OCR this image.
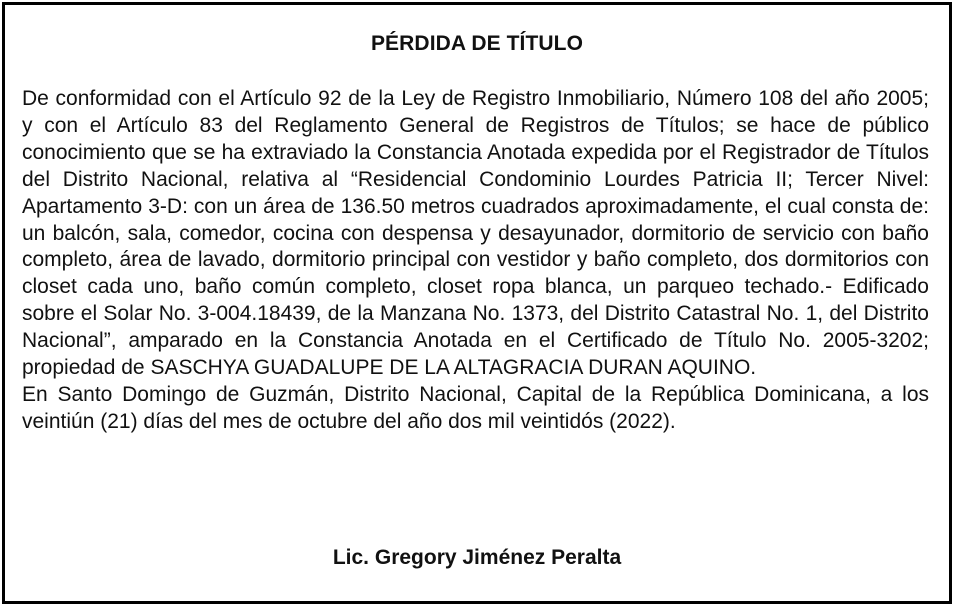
PÉRDIDA DE TÍTULO

De conformidad con el Artículo 92 de la Ley de Registro Inmobiliario, Número 108 del año 2005; y con el Artículo 83 del Reglamento General de Registros de Títulos; se hace de público conocimiento que se ha extraviado la Constancia Anotada expedida por el Registrador de Títulos del Distrito Nacional, relativa al “Residencial Condominio Lourdes Patricia II; Tercer Nivel: Apartamento 3-D: con un área de 136.50 metros cuadrados aproximadamente, el cual consta de: un balcón, sala, comedor, cocina con despensa y desayunador, dormitorio de servicio con baño completo, área de lavado, dormitorio principal con vestidor y baño completo, dos dormitorios con closet cada uno, baño común completo, closet ropa blanca, un parqueo techado.- Edificado sobre el Solar No. 3-004.18439, de la Manzana No. 1373, del Distrito Catastral No. 1, del Distrito Nacional”, amparado en la Constancia Anotada en el Certificado de Título No. 2005-3202; propiedad de SASCHYA GUADALUPE DE LA ALTAGRACIA DURAN AQUINO.

En Santo Domingo de Guzmán, Distrito Nacional, Capital de la República Dominicana, a los veintiún (21) días del mes de octubre del año dos mil veintidós (2022).

Lic. Gregory Jiménez Peralta
